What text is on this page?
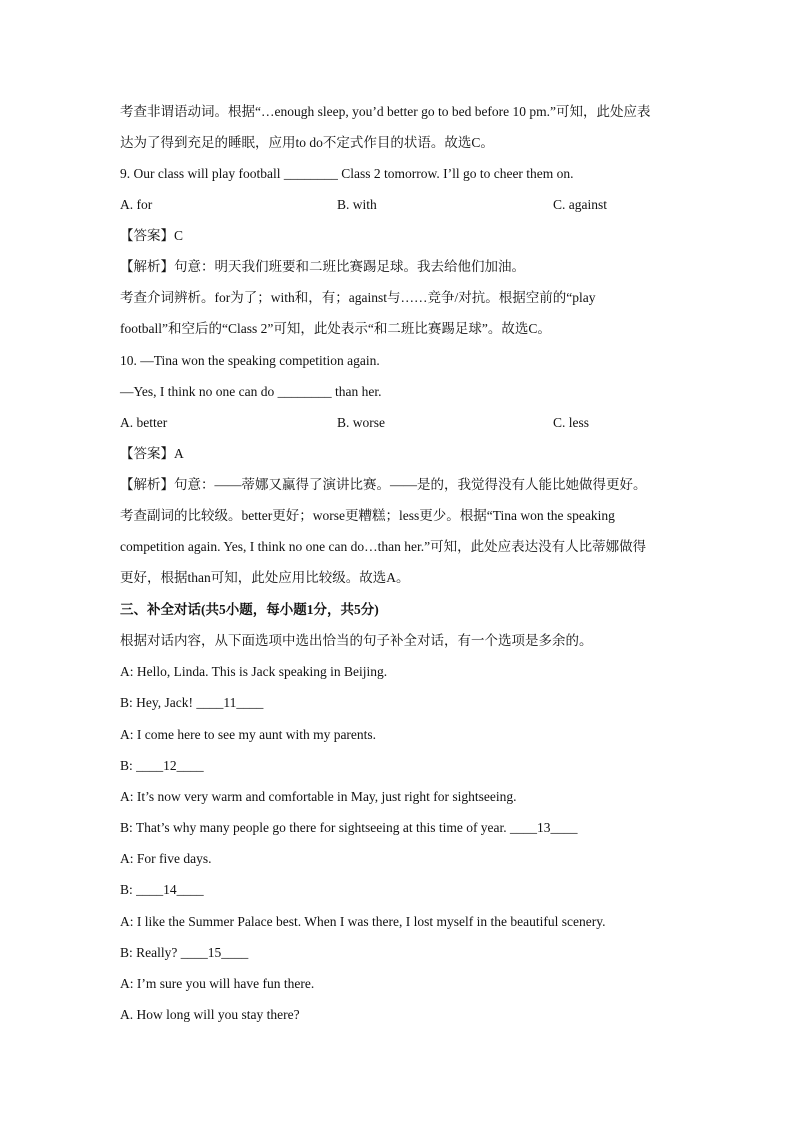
考查非谓语动词。根据“…enough sleep, you’d better go to bed before 10 pm.”可知，此处应表
达为了得到充足的睡眠，应用to do不定式作目的状语。故选C。
9. Our class will play football ________ Class 2 tomorrow. I’ll go to cheer them on.
A. for	B. with	C. against
【答案】C
【解析】句意：明天我们班要和二班比赛踢足球。我去给他们加油。
考查介词辨析。for为了；with和，有；against与……竞争/对抗。根据空前的“play
football”和空后的“Class 2”可知，此处表示“和二班比赛踢足球”。故选C。
10. —Tina won the speaking competition again.
—Yes, I think no one can do ________ than her.
A. better	B. worse	C. less
【答案】A
【解析】句意：——蒂娜又赢得了演讲比赛。——是的，我觉得没有人能比她做得更好。
考查副词的比较级。better更好；worse更糟糕；less更少。根据“Tina won the speaking
competition again. Yes, I think no one can do…than her.”可知，此处应表达没有人比蒂娜做得
更好，根据than可知，此处应用比较级。故选A。
三、补全对话(共5小题，每小题1分，共5分)
根据对话内容，从下面选项中选出恰当的句子补全对话，有一个选项是多余的。
A: Hello, Linda. This is Jack speaking in Beijing.
B: Hey, Jack! ____11____
A: I come here to see my aunt with my parents.
B: ____12____
A: It’s now very warm and comfortable in May, just right for sightseeing.
B: That’s why many people go there for sightseeing at this time of year. ____13____
A: For five days.
B: ____14____
A: I like the Summer Palace best. When I was there, I lost myself in the beautiful scenery.
B: Really? ____15____
A: I’m sure you will have fun there.
A. How long will you stay there?
